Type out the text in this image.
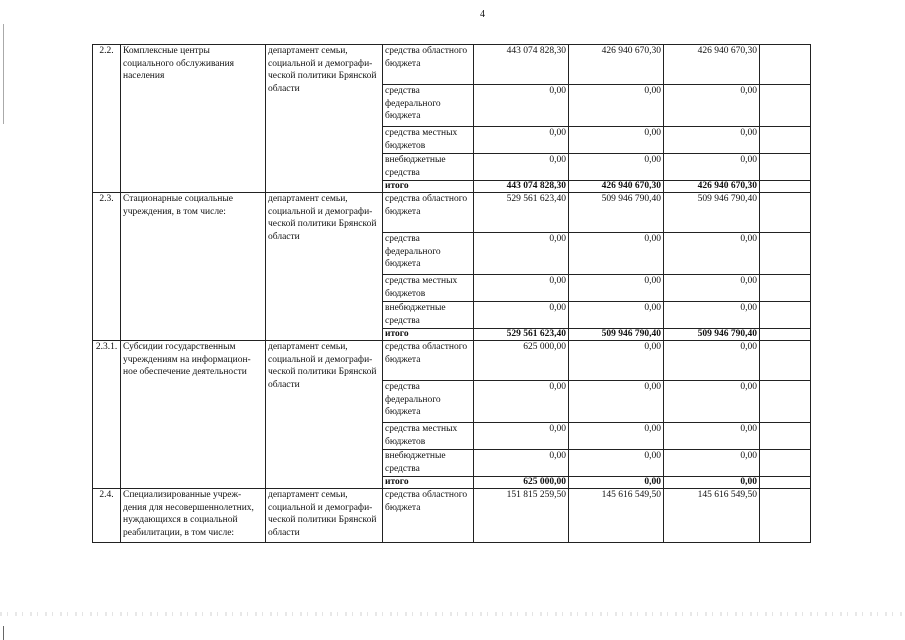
4
2.2.	Комплексные центры социального обслуживания населения	департамент семьи, социальной и демографи-ческой политики Брянской области	средства областного бюджета	443 074 828,30	426 940 670,30	426 940 670,30	
			средства федерального бюджета	0,00	0,00	0,00	
			средства местных бюджетов	0,00	0,00	0,00	
			внебюджетные средства	0,00	0,00	0,00	
			итого	443 074 828,30	426 940 670,30	426 940 670,30	
2.3.	Стационарные социальные учреждения, в том числе:	департамент семьи, социальной и демографи-ческой политики Брянской области	средства областного бюджета	529 561 623,40	509 946 790,40	509 946 790,40	
			средства федерального бюджета	0,00	0,00	0,00	
			средства местных бюджетов	0,00	0,00	0,00	
			внебюджетные средства	0,00	0,00	0,00	
			итого	529 561 623,40	509 946 790,40	509 946 790,40	
2.3.1.	Субсидии государственным учреждениям на информацион-ное обеспечение деятельности	департамент семьи, социальной и демографи-ческой политики Брянской области	средства областного бюджета	625 000,00	0,00	0,00	
			средства федерального бюджета	0,00	0,00	0,00	
			средства местных бюджетов	0,00	0,00	0,00	
			внебюджетные средства	0,00	0,00	0,00	
			итого	625 000,00	0,00	0,00	
2.4.	Специализированные учреж-дения для несовершеннолетних, нуждающихся в социальной реабилитации, в том числе:	департамент семьи, социальной и демографи-ческой политики Брянской области	средства областного бюджета	151 815 259,50	145 616 549,50	145 616 549,50	
